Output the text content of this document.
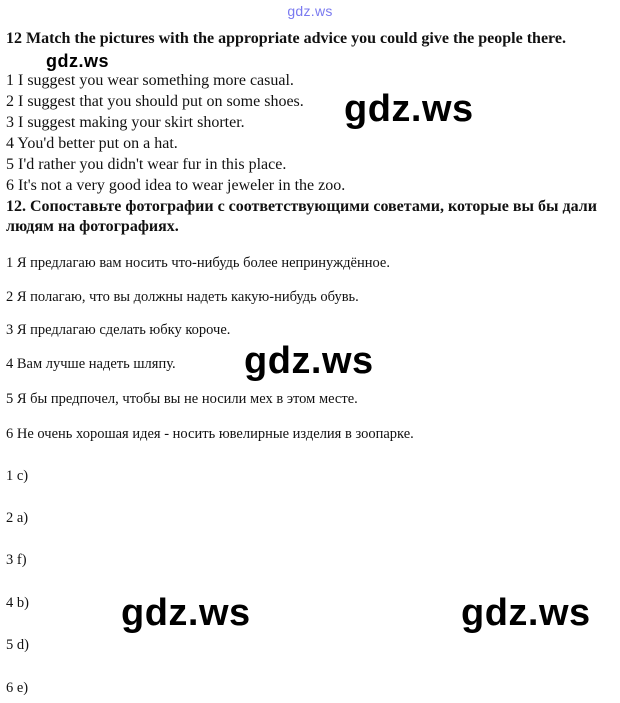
gdz.ws
12 Match the pictures with the appropriate advice you could give the people there.
1 I suggest you wear something more casual.
2 I suggest that you should put on some shoes.
3 I suggest making your skirt shorter.
4 You'd better put on a hat.
5 I'd rather you didn't wear fur in this place.
6 It's not a very good idea to wear jeweler in the zoo.
12. Сопоставьте фотографии с соответствующими советами, которые вы бы дали людям на фотографиях.
1 Я предлагаю вам носить что-нибудь более непринуждённое.
2 Я полагаю, что вы должны надеть какую-нибудь обувь.
3 Я предлагаю сделать юбку короче.
4 Вам лучше надеть шляпу.
5 Я бы предпочел, чтобы вы не носили мех в этом месте.
6 Не очень хорошая идея - носить ювелирные изделия в зоопарке.
1 c)
2 a)
3 f)
4 b)
5 d)
6 e)
gdz.ws
gdz.ws
gdz.ws
gdz.ws	gdz.ws
